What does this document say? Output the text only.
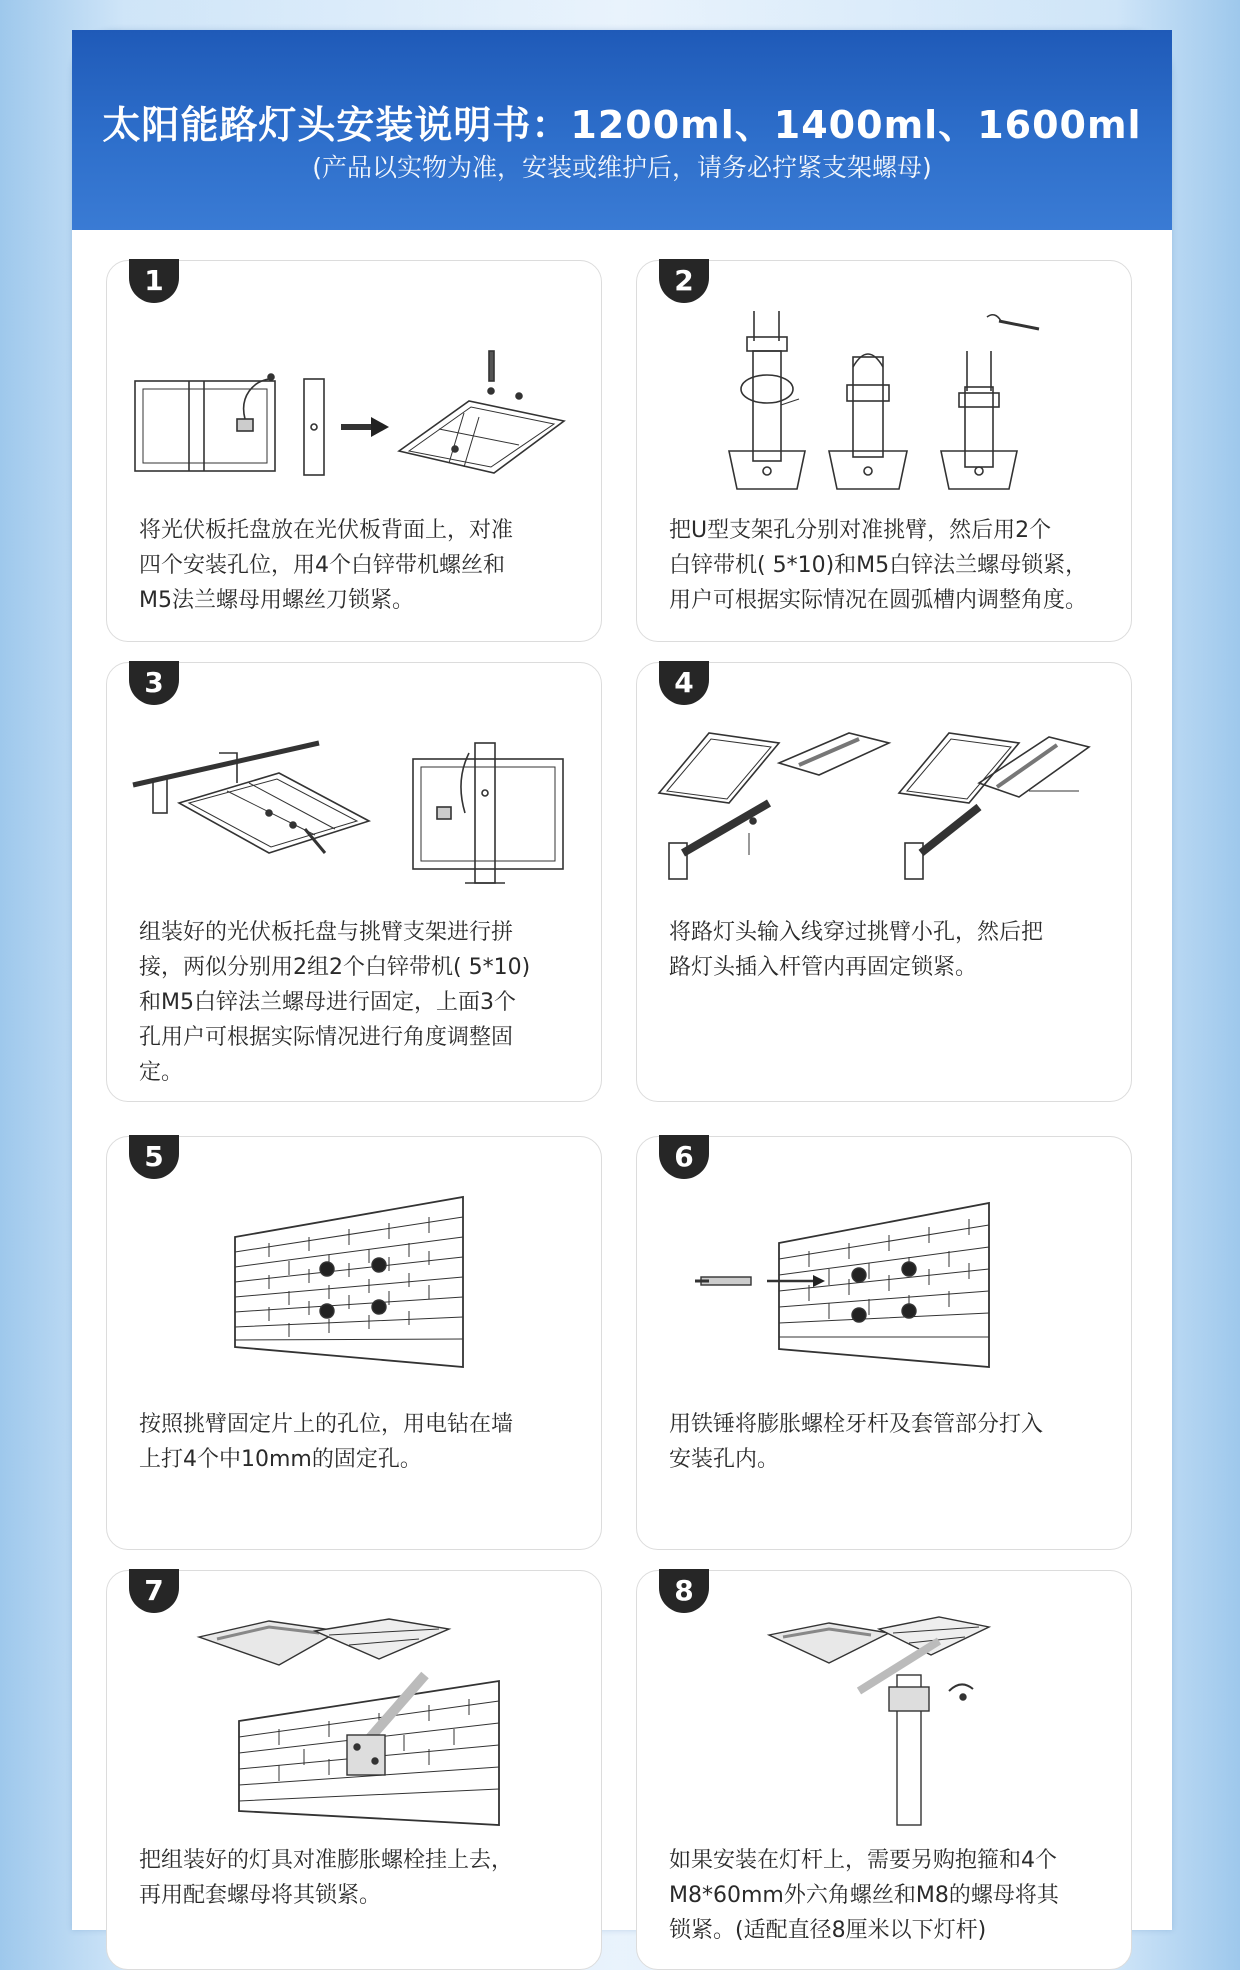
太阳能路灯头安装说明书：1200ml、1400ml、1600ml
(产品以实物为准，安装或维护后，请务必拧紧支架螺母)
1

将光伏板托盘放在光伏板背面上，对准
四个安装孔位，用4个白锌带机螺丝和
M5法兰螺母用螺丝刀锁紧。

2

把U型支架孔分别对准挑臂，然后用2个
白锌带机( 5*10)和M5白锌法兰螺母锁紧，
用户可根据实际情况在圆弧槽内调整角度。

3

组装好的光伏板托盘与挑臂支架进行拼
接，两似分别用2组2个白锌带机( 5*10)
和M5白锌法兰螺母进行固定，上面3个
孔用户可根据实际情况进行角度调整固
定。

4

将路灯头输入线穿过挑臂小孔，然后把
路灯头插入杆管内再固定锁紧。

5

按照挑臂固定片上的孔位，用电钻在墙
上打4个中10mm的固定孔。

6

用铁锤将膨胀螺栓牙杆及套管部分打入
安装孔内。

7

把组装好的灯具对准膨胀螺栓挂上去，
再用配套螺母将其锁紧。

8

如果安装在灯杆上，需要另购抱箍和4个
M8*60mm外六角螺丝和M8的螺母将其
锁紧。(适配直径8厘米以下灯杆)
